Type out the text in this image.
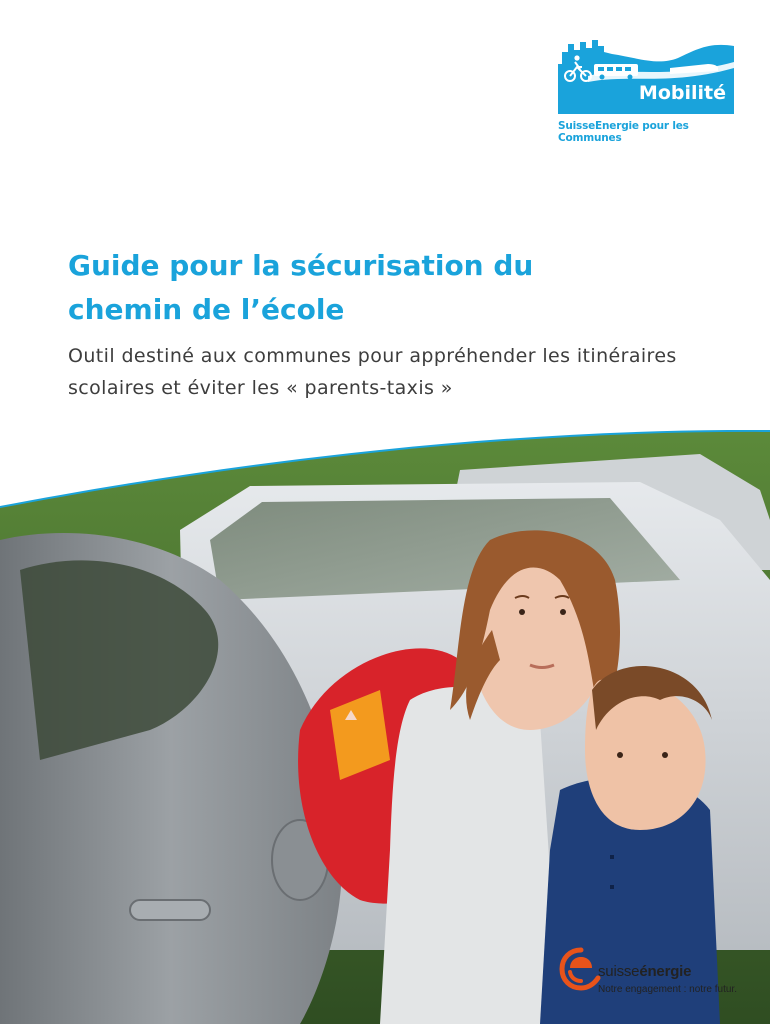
Mobilité
SuisseEnergie pour les Communes
Guide pour la sécurisation du
chemin de l’école

Outil destiné aux communes pour appréhender les itinéraires
scolaires et éviter les « parents-taxis »

suisseénergie
Notre engagement : notre futur.
